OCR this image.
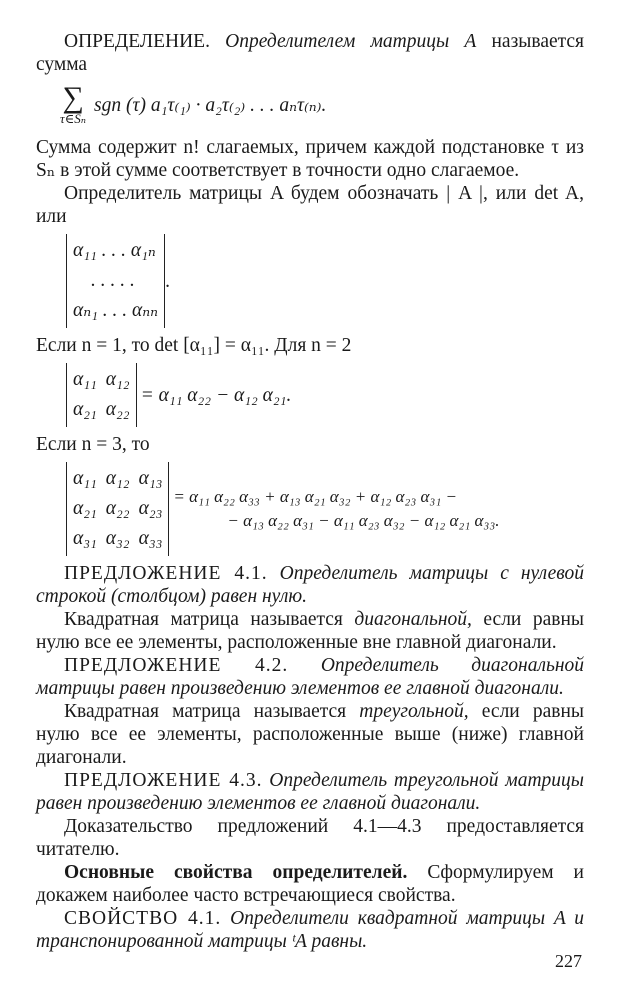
ОПРЕДЕЛЕНИЕ. Определителем матрицы A называется сумма

∑
τ∈Sₙ
sgn (τ) a₁τ₍₁₎ · a₂τ₍₂₎ . . . aₙτ₍ₙ₎.

Сумма содержит n! слагаемых, причем каждой подстановке τ из Sₙ в этой сумме соответствует в точности одно слагаемое.

Определитель матрицы A будем обозначать | A |, или det A, или

α₁₁ . . . α₁ₙ
. . . . .
αₙ₁ . . . αₙₙ
.

Если n = 1, то det [α₁₁] = α₁₁. Для n = 2

α₁₁ α₁₂
α₂₁ α₂₂
= α₁₁ α₂₂ − α₁₂ α₂₁.

Если n = 3, то

α₁₁ α₁₂ α₁₃
α₂₁ α₂₂ α₂₃
α₃₁ α₃₂ α₃₃
= α₁₁ α₂₂ α₃₃ + α₁₃ α₂₁ α₃₂ + α₁₂ α₂₃ α₃₁ −
− α₁₃ α₂₂ α₃₁ − α₁₁ α₂₃ α₃₂ − α₁₂ α₂₁ α₃₃.

ПРЕДЛОЖЕНИЕ 4.1. Определитель матрицы с нулевой строкой (столбцом) равен нулю.

Квадратная матрица называется диагональной, если равны нулю все ее элементы, расположенные вне главной диагонали.

ПРЕДЛОЖЕНИЕ 4.2. Определитель диагональной матрицы равен произведению элементов ее главной диагонали.

Квадратная матрица называется треугольной, если равны нулю все ее элементы, расположенные выше (ниже) главной диагонали.

ПРЕДЛОЖЕНИЕ 4.3. Определитель треугольной матрицы равен произведению элементов ее главной диагонали.

Доказательство предложений 4.1—4.3 предоставляется читателю.

Основные свойства определителей. Сформулируем и докажем наиболее часто встречающиеся свойства.

СВОЙСТВО 4.1. Определители квадратной матрицы A и транспонированной матрицы ᵗA равны.

227
